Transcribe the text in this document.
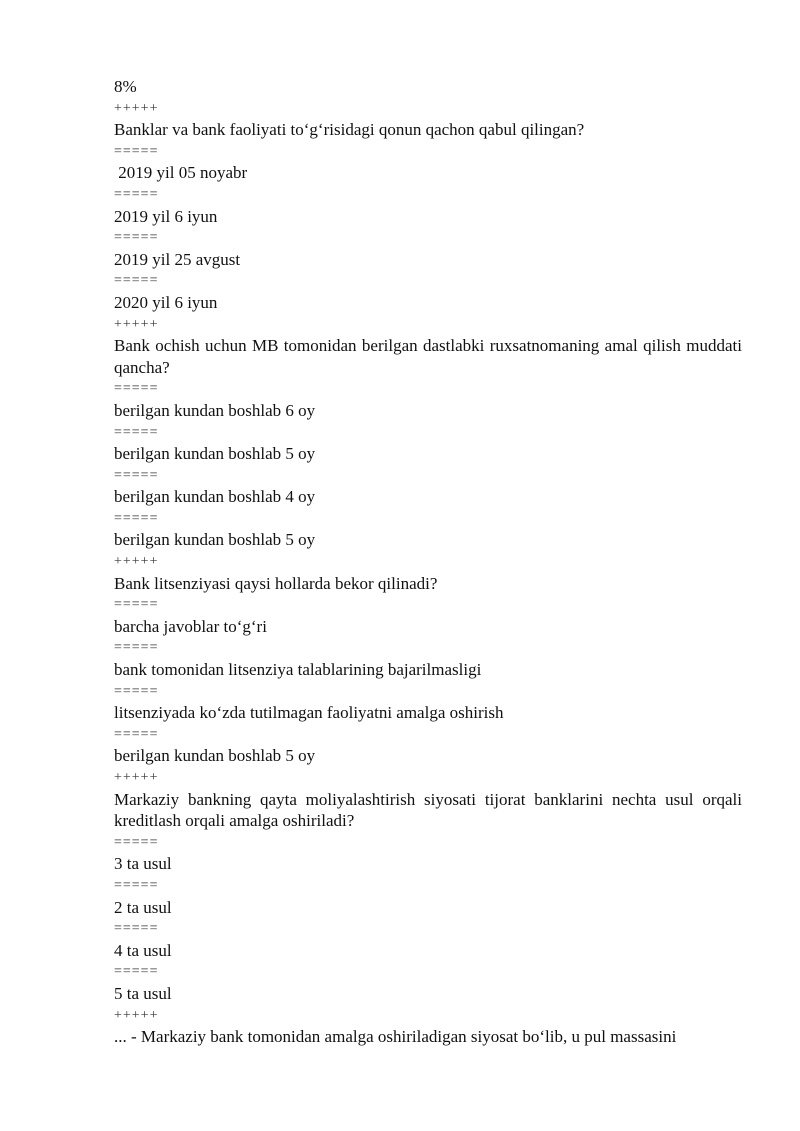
8%
+++++
Banklar va bank faoliyati to‘g‘risidagi qonun qachon qabul qilingan?
=====
2019 yil 05 noyabr
=====
2019 yil 6 iyun
=====
2019 yil 25 avgust
=====
2020 yil 6 iyun
+++++
Bank ochish uchun MB tomonidan berilgan dastlabki ruxsatnomaning amal qilish muddati qancha?
=====
berilgan kundan boshlab 6 oy
=====
berilgan kundan boshlab 5 oy
=====
berilgan kundan boshlab 4 oy
=====
berilgan kundan boshlab 5 oy
+++++
Bank litsenziyasi qaysi hollarda bekor qilinadi?
=====
barcha javoblar to‘g‘ri
=====
bank tomonidan litsenziya talablarining bajarilmasligi
=====
litsenziyada ko‘zda tutilmagan faoliyatni amalga oshirish
=====
berilgan kundan boshlab 5 oy
+++++
Markaziy bankning qayta moliyalashtirish siyosati tijorat banklarini nechta usul orqali kreditlash orqali amalga oshiriladi?
=====
3 ta usul
=====
2 ta usul
=====
4 ta usul
=====
5 ta usul
+++++
... - Markaziy bank tomonidan amalga oshiriladigan siyosat bo‘lib, u pul massasini
